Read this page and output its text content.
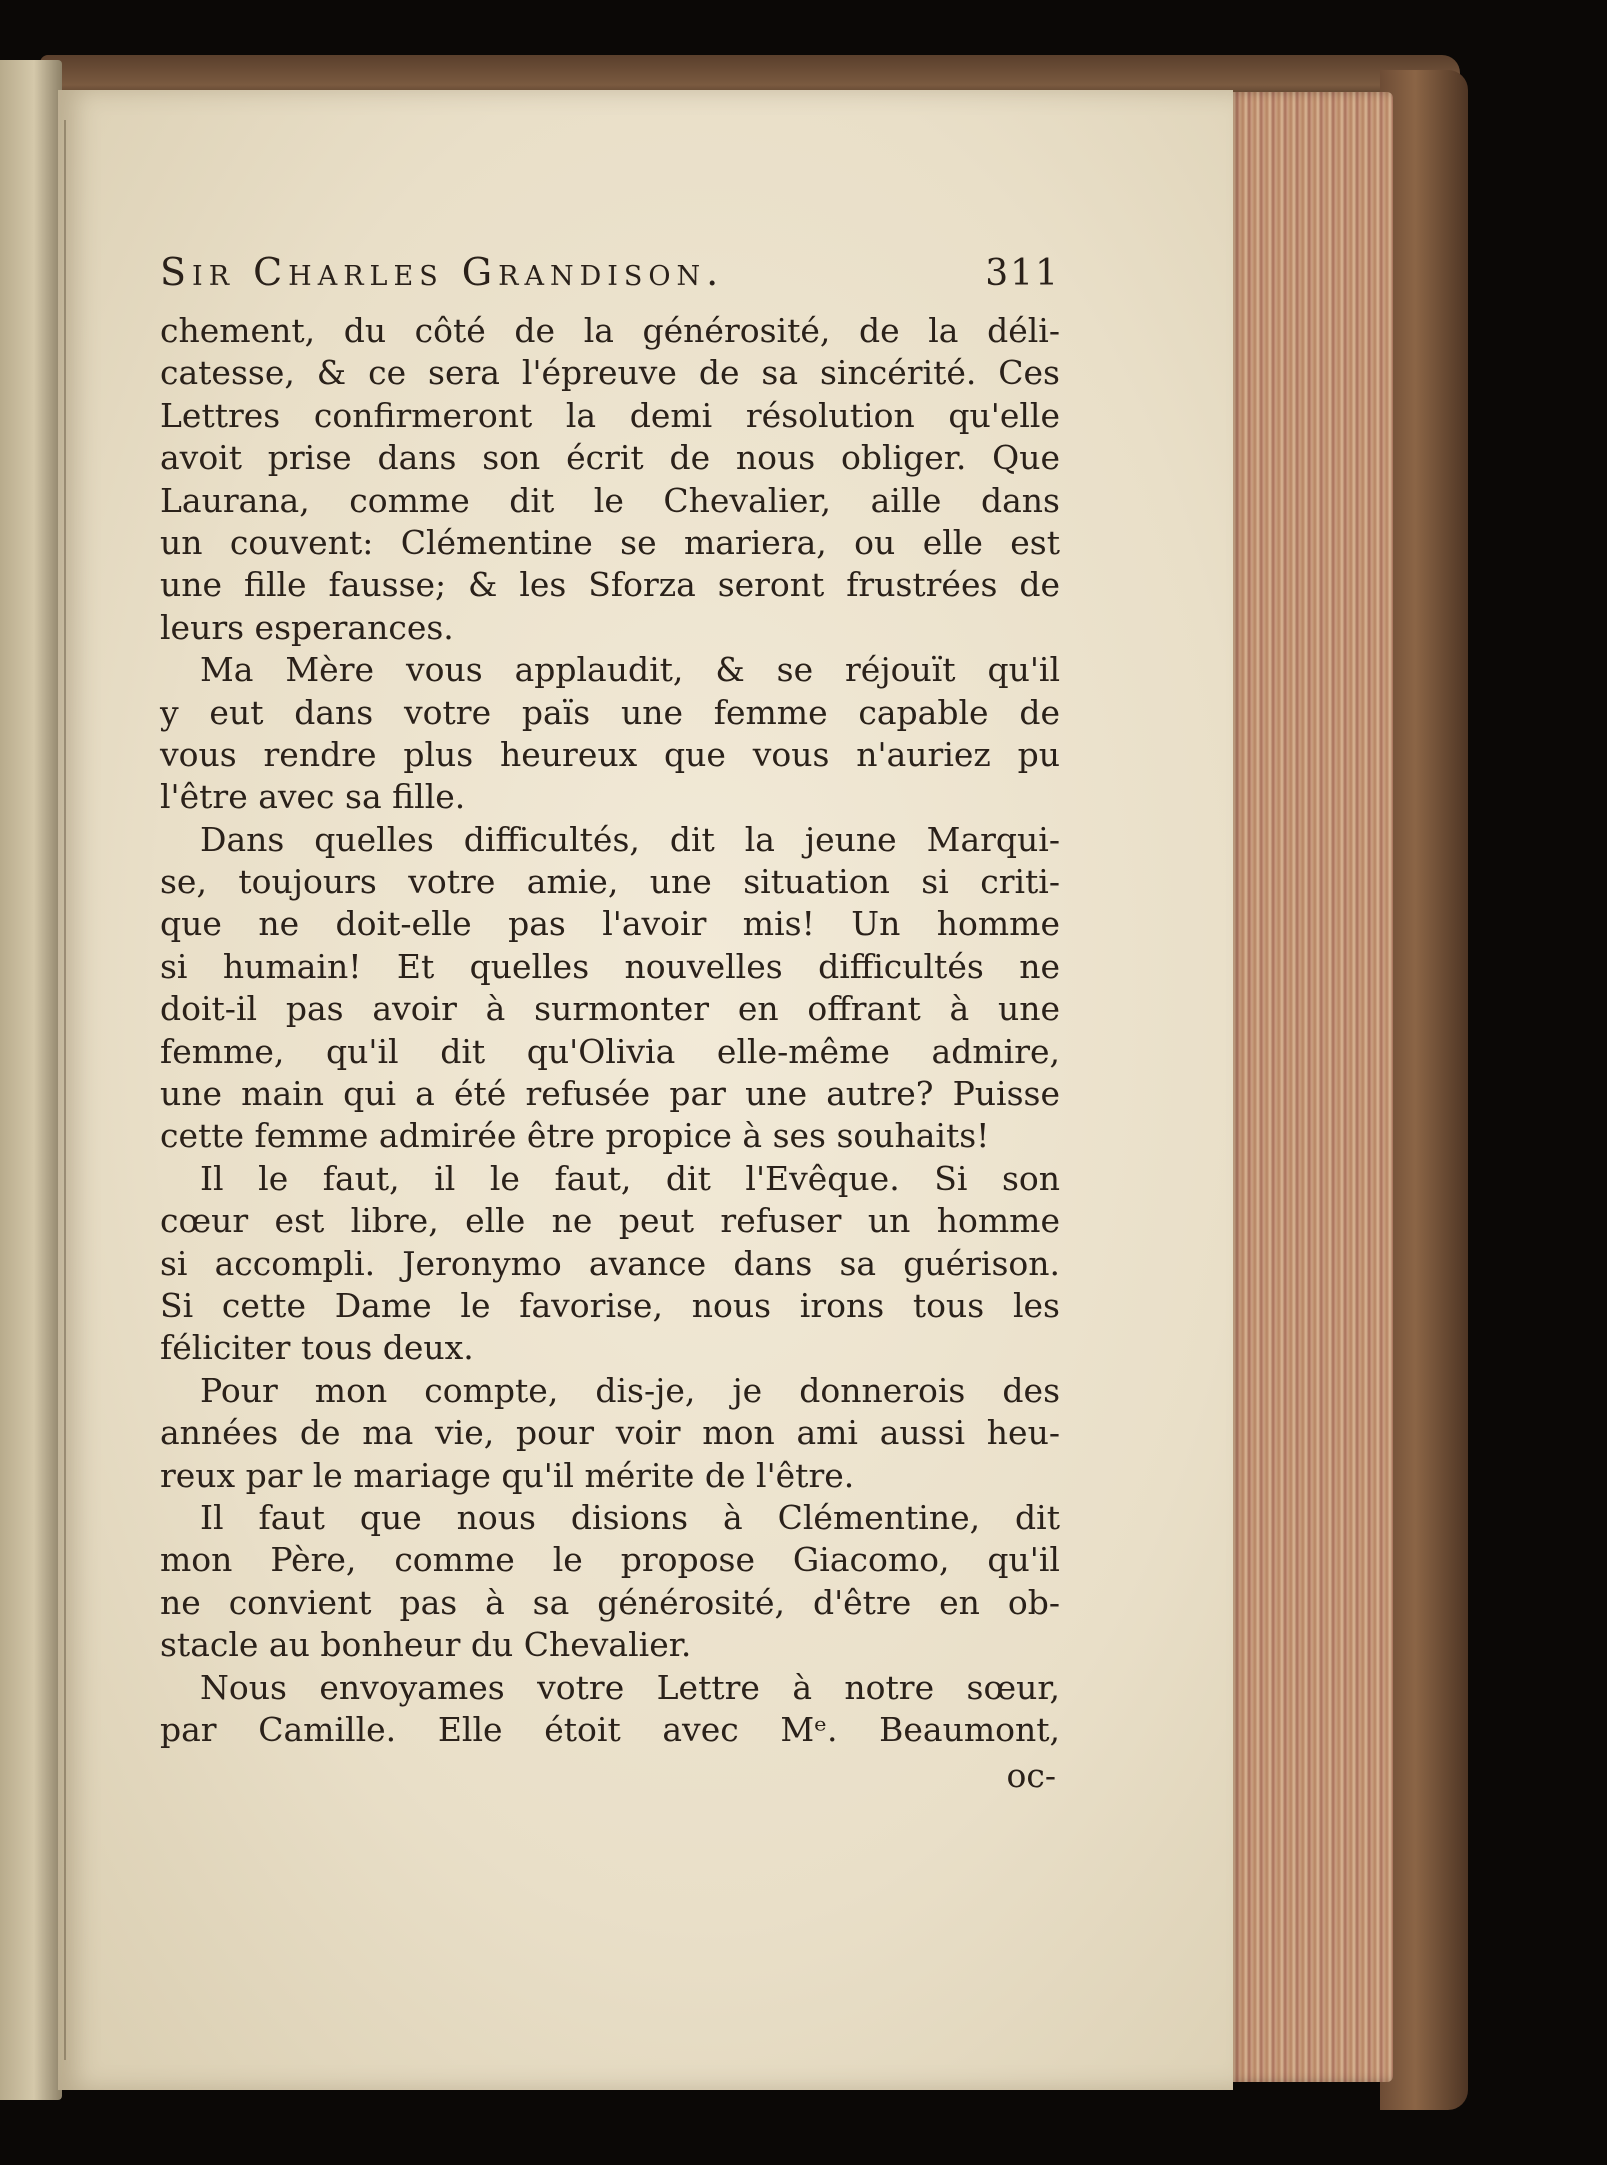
Sir Charles Grandison.	311
chement, du côté de la générosité, de la déli-
catesse, & ce sera l'épreuve de sa sincérité. Ces
Lettres confirmeront la demi résolution qu'elle
avoit prise dans son écrit de nous obliger. Que
Laurana, comme dit le Chevalier, aille dans
un couvent: Clémentine se mariera, ou elle est
une fille fausse; & les Sforza seront frustrées de
leurs esperances.
Ma Mère vous applaudit, & se réjouït qu'il
y eut dans votre païs une femme capable de
vous rendre plus heureux que vous n'auriez pu
l'être avec sa fille.
Dans quelles difficultés, dit la jeune Marqui-
se, toujours votre amie, une situation si criti-
que ne doit-elle pas l'avoir mis! Un homme
si humain! Et quelles nouvelles difficultés ne
doit-il pas avoir à surmonter en offrant à une
femme, qu'il dit qu'Olivia elle-même admire,
une main qui a été refusée par une autre? Puisse
cette femme admirée être propice à ses souhaits!
Il le faut, il le faut, dit l'Evêque. Si son
cœur est libre, elle ne peut refuser un homme
si accompli. Jeronymo avance dans sa guérison.
Si cette Dame le favorise, nous irons tous les
féliciter tous deux.
Pour mon compte, dis-je, je donnerois des
années de ma vie, pour voir mon ami aussi heu-
reux par le mariage qu'il mérite de l'être.
Il faut que nous disions à Clémentine, dit
mon Père, comme le propose Giacomo, qu'il
ne convient pas à sa générosité, d'être en ob-
stacle au bonheur du Chevalier.
Nous envoyames votre Lettre à notre sœur,
par Camille. Elle étoit avec Mᵉ. Beaumont,
oc-
